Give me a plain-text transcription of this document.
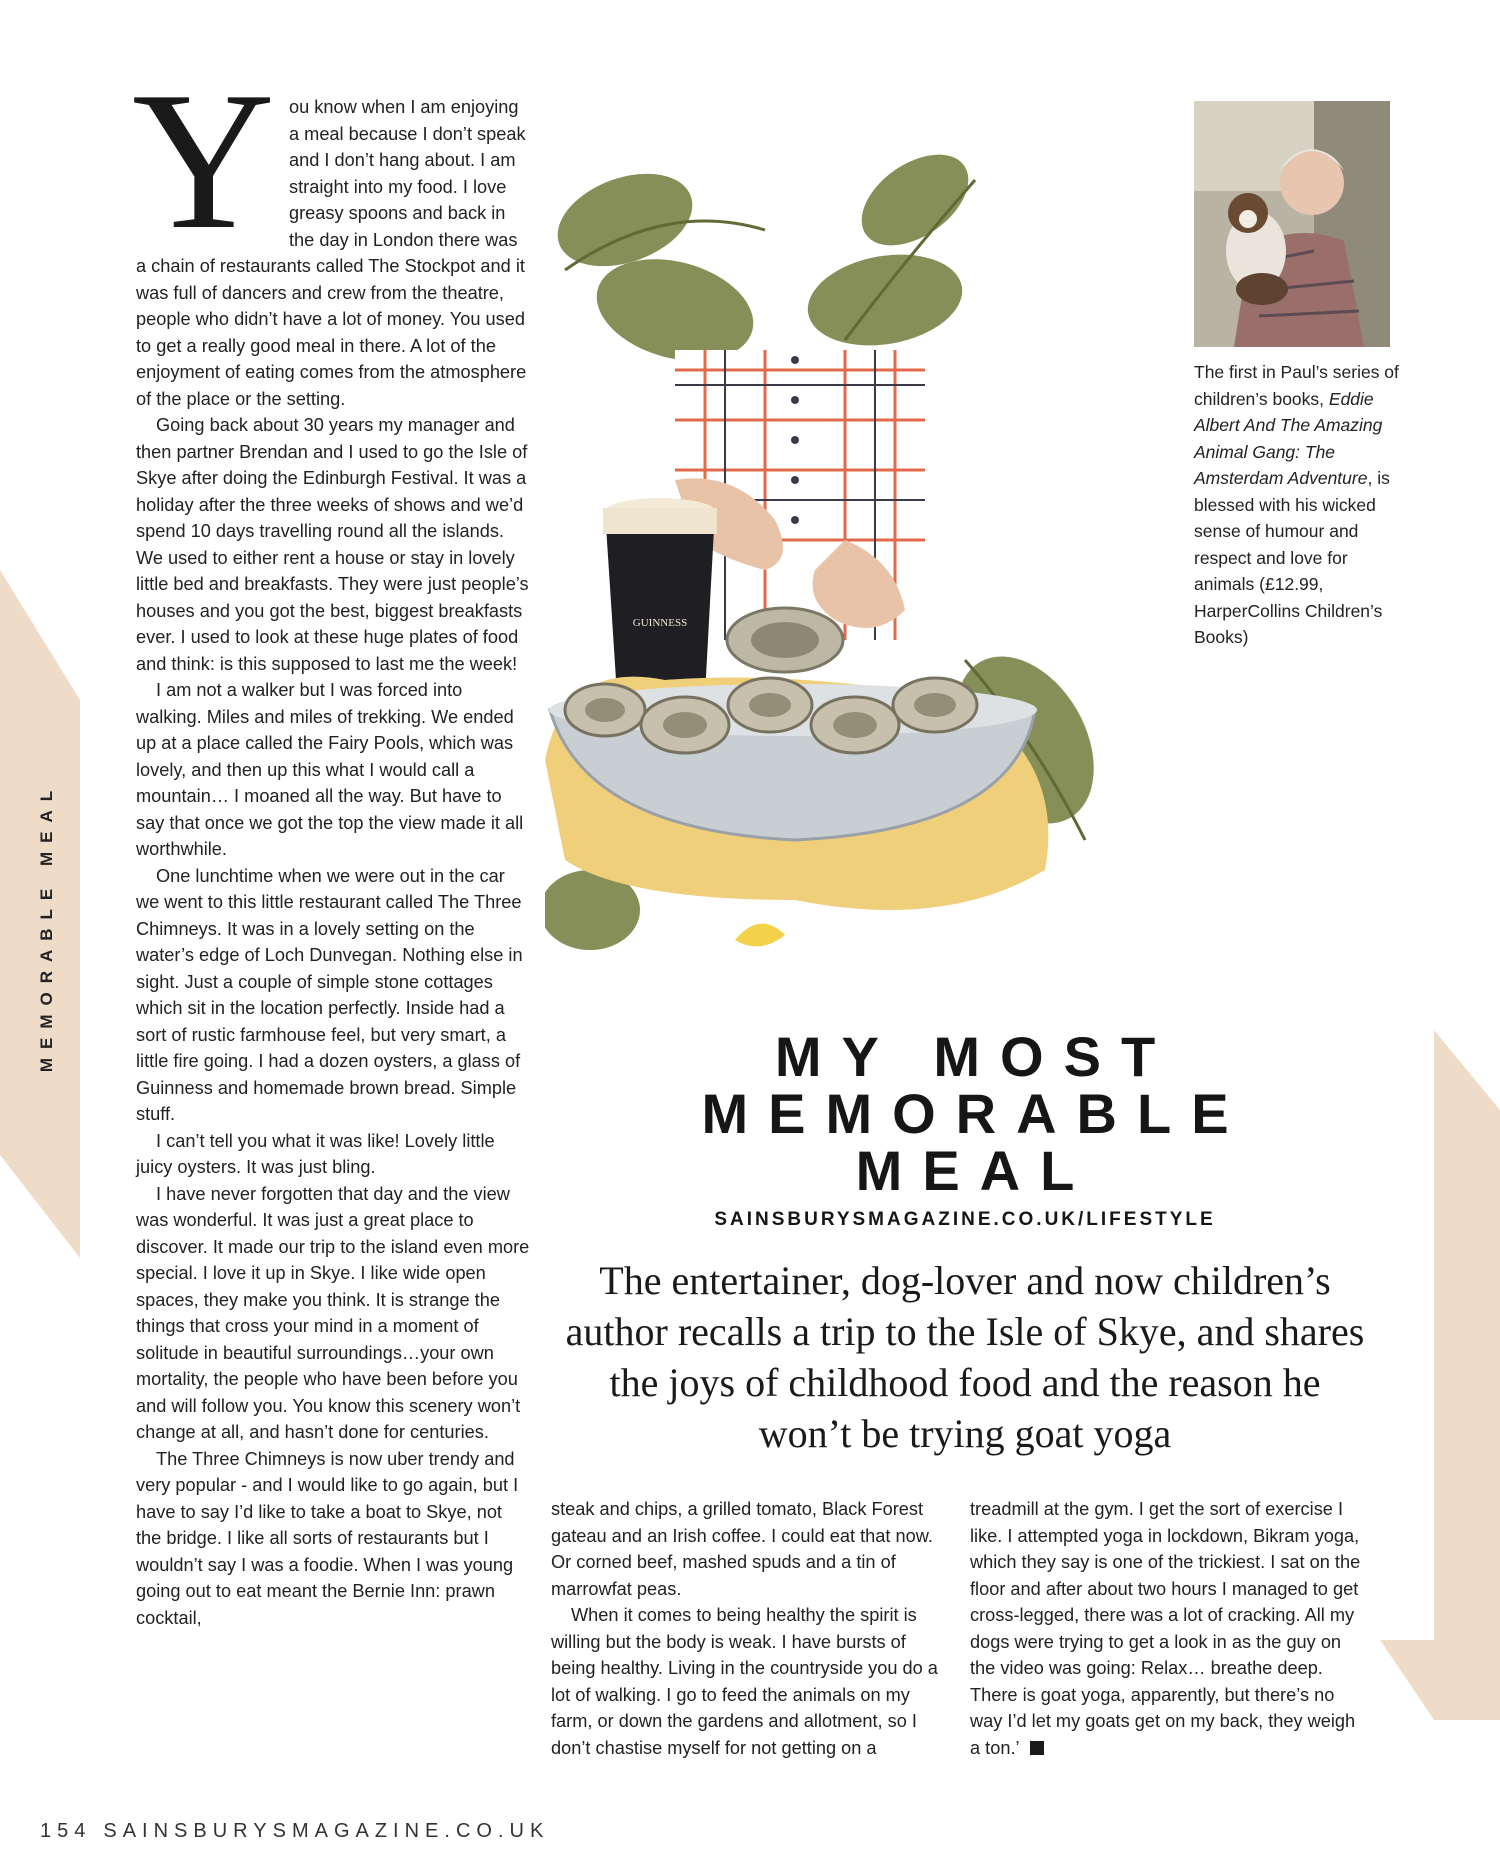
MEMORABLE MEAL
Y ou know when I am enjoying a meal because I don’t speak and I don’t hang about. I am straight into my food. I love greasy spoons and back in the day in London there was a chain of restaurants called The Stockpot and it was full of dancers and crew from the theatre, people who didn’t have a lot of money. You used to get a really good meal in there. A lot of the enjoyment of eating comes from the atmosphere of the place or the setting.

Going back about 30 years my manager and then partner Brendan and I used to go the Isle of Skye after doing the Edinburgh Festival. It was a holiday after the three weeks of shows and we’d spend 10 days travelling round all the islands. We used to either rent a house or stay in lovely little bed and breakfasts. They were just people’s houses and you got the best, biggest breakfasts ever. I used to look at these huge plates of food and think: is this supposed to last me the week!

I am not a walker but I was forced into walking. Miles and miles of trekking. We ended up at a place called the Fairy Pools, which was lovely, and then up this what I would call a mountain… I moaned all the way. But have to say that once we got the top the view made it all worthwhile.

One lunchtime when we were out in the car we went to this little restaurant called The Three Chimneys. It was in a lovely setting on the water’s edge of Loch Dunvegan. Nothing else in sight. Just a couple of simple stone cottages which sit in the location perfectly. Inside had a sort of rustic farmhouse feel, but very smart, a little fire going. I had a dozen oysters, a glass of Guinness and homemade brown bread. Simple stuff.

I can’t tell you what it was like! Lovely little juicy oysters. It was just bling.

I have never forgotten that day and the view was wonderful. It was just a great place to discover. It made our trip to the island even more special. I love it up in Skye. I like wide open spaces, they make you think. It is strange the things that cross your mind in a moment of solitude in beautiful surroundings…your own mortality, the people who have been before you and will follow you. You know this scenery won’t change at all, and hasn’t done for centuries.

The Three Chimneys is now uber trendy and very popular - and I would like to go again, but I have to say I’d like to take a boat to Skye, not the bridge. I like all sorts of restaurants but I wouldn’t say I was a foodie. When I was young going out to eat meant the Bernie Inn: prawn cocktail,

steak and chips, a grilled tomato, Black Forest gateau and an Irish coffee. I could eat that now. Or corned beef, mashed spuds and a tin of marrowfat peas.

When it comes to being healthy the spirit is willing but the body is weak. I have bursts of being healthy. Living in the countryside you do a lot of walking. I go to feed the animals on my farm, or down the gardens and allotment, so I don’t chastise myself for not getting on a

treadmill at the gym. I get the sort of exercise I like. I attempted yoga in lockdown, Bikram yoga, which they say is one of the trickiest. I sat on the floor and after about two hours I managed to get cross-legged, there was a lot of cracking. All my dogs were trying to get a look in as the guy on the video was going: Relax… breathe deep. There is goat yoga, apparently, but there’s no way I’d let my goats get on my back, they weigh a ton.’

The first in Paul’s series of children’s books, Eddie Albert And The Amazing Animal Gang: The Amsterdam Adventure, is blessed with his wicked sense of humour and respect and love for animals (£12.99, HarperCollins Children’s Books)
GUINNESS
MY MOST
MEMORABLE
MEAL
SAINSBURYSMAGAZINE.CO.UK/LIFESTYLE
The entertainer, dog-lover and now children’s author recalls a trip to the Isle of Skye, and shares the joys of childhood food and the reason he won’t be trying goat yoga
154 SAINSBURYSMAGAZINE.CO.UK
